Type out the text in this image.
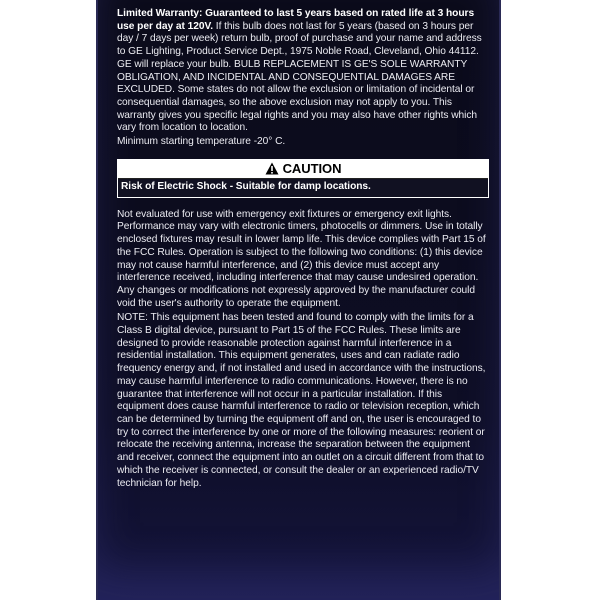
Limited Warranty: Guaranteed to last 5 years based on rated life at 3 hours use per day at 120V. If this bulb does not last for 5 years (based on 3 hours per day / 7 days per week) return bulb, proof of purchase and your name and address to GE Lighting, Product Service Dept., 1975 Noble Road, Cleveland, Ohio 44112. GE will replace your bulb. BULB REPLACEMENT IS GE'S SOLE WARRANTY OBLIGATION, AND INCIDENTAL AND CONSEQUENTIAL DAMAGES ARE EXCLUDED. Some states do not allow the exclusion or limitation of incidental or consequential damages, so the above exclusion may not apply to you. This warranty gives you specific legal rights and you may also have other rights which vary from location to location.

Minimum starting temperature -20° C.

CAUTION
Risk of Electric Shock - Suitable for damp locations.

Not evaluated for use with emergency exit fixtures or emergency exit lights. Performance may vary with electronic timers, photocells or dimmers. Use in totally enclosed fixtures may result in lower lamp life. This device complies with Part 15 of the FCC Rules. Operation is subject to the following two conditions: (1) this device may not cause harmful interference, and (2) this device must accept any interference received, including interference that may cause undesired operation. Any changes or modifications not expressly approved by the manufacturer could void the user's authority to operate the equipment.

NOTE: This equipment has been tested and found to comply with the limits for a Class B digital device, pursuant to Part 15 of the FCC Rules. These limits are designed to provide reasonable protection against harmful interference in a residential installation. This equipment generates, uses and can radiate radio frequency energy and, if not installed and used in accordance with the instructions, may cause harmful interference to radio communications. However, there is no guarantee that interference will not occur in a particular installation. If this equipment does cause harmful interference to radio or television reception, which can be determined by turning the equipment off and on, the user is encouraged to try to correct the interference by one or more of the following measures: reorient or relocate the receiving antenna, increase the separation between the equipment and receiver, connect the equipment into an outlet on a circuit different from that to which the receiver is connected, or consult the dealer or an experienced radio/TV technician for help.
